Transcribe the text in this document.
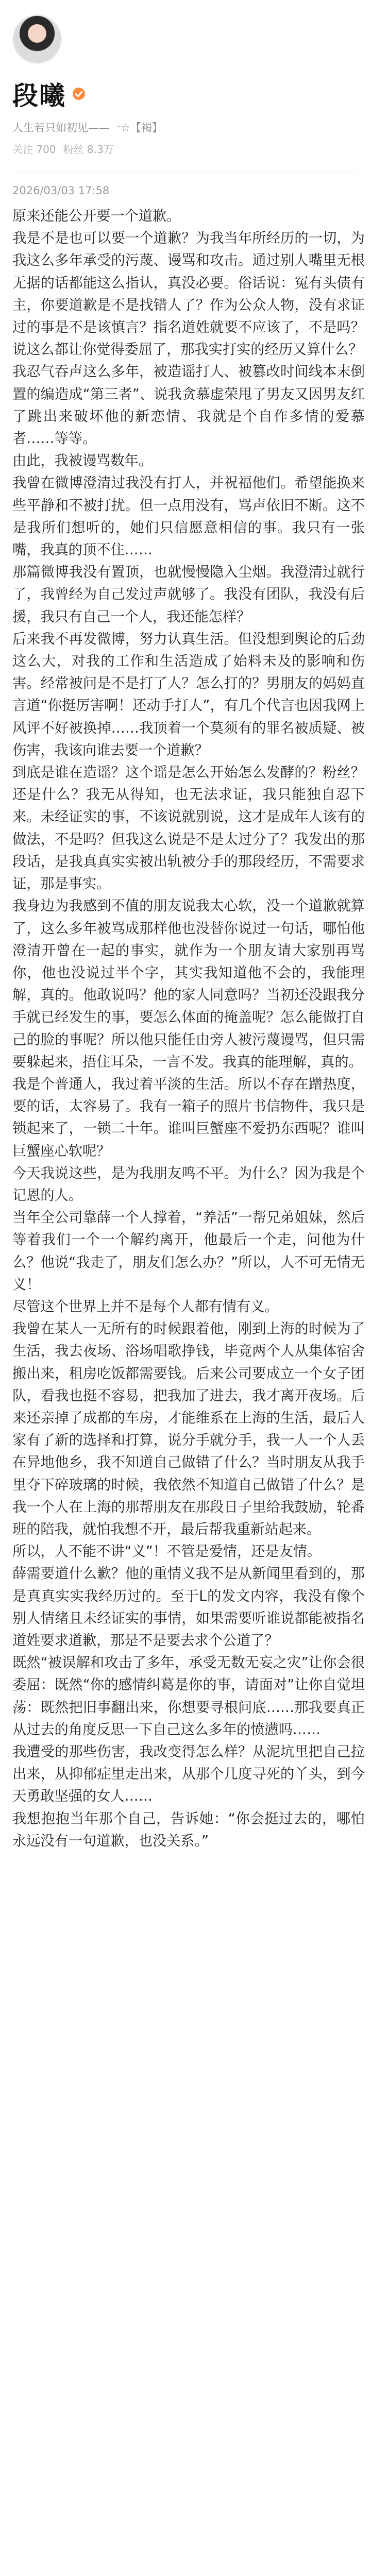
段曦
人生若只如初见——一☆【褐】
关注 700 粉丝 8.3万
2026/03/03 17:58

原来还能公开要一个道歉。

我是不是也可以要一个道歉？为我当年所经历的一切，为我这么多年承受的污蔑、谩骂和攻击。通过别人嘴里无根无据的话都能这么指认，真没必要。俗话说：冤有头债有主，你要道歉是不是找错人了？作为公众人物，没有求证过的事是不是该慎言？指名道姓就要不应该了，不是吗？说这么都让你觉得委屈了，那我实打实的经历又算什么？

我忍气吞声这么多年，被造谣打人、被篡改时间线本末倒置的编造成“第三者”、说我贪慕虚荣甩了男友又因男友红了跳出来破坏他的新恋情、我就是个自作多情的爱慕者……等等。

由此，我被谩骂数年。

我曾在微博澄清过我没有打人，并祝福他们。希望能换来些平静和不被打扰。但一点用没有，骂声依旧不断。这不是我所们想听的，她们只信愿意相信的事。我只有一张嘴，我真的顶不住……

那篇微博我没有置顶，也就慢慢隐入尘烟。我澄清过就行了，我曾经为自己发过声就够了。我没有团队，我没有后援，我只有自己一个人，我还能怎样？

后来我不再发微博，努力认真生活。但没想到舆论的后劲这么大，对我的工作和生活造成了始料未及的影响和伤害。经常被问是不是打了人？怎么打的？男朋友的妈妈直言道“你挺厉害啊！还动手打人”，有几个代言也因我网上风评不好被换掉……我顶着一个莫须有的罪名被质疑、被伤害，我该向谁去要一个道歉？

到底是谁在造谣？这个谣是怎么开始怎么发酵的？粉丝？还是什么？我无从得知，也无法求证，我只能独自忍下来。未经证实的事，不该说就别说，这才是成年人该有的做法，不是吗？但我这么说是不是太过分了？我发出的那段话，是我真真实实被出轨被分手的那段经历，不需要求证，那是事实。

我身边为我感到不值的朋友说我太心软，没一个道歉就算了，这么多年被骂成那样他也没替你说过一句话，哪怕他澄清开曾在一起的事实，就作为一个朋友请大家别再骂你，他也没说过半个字，其实我知道他不会的，我能理解，真的。他敢说吗？他的家人同意吗？当初还没跟我分手就已经发生的事，要怎么体面的掩盖呢？怎么能做打自己的脸的事呢？所以他只能任由旁人被污蔑谩骂，但只需要躲起来，捂住耳朵，一言不发。我真的能理解，真的。

我是个普通人，我过着平淡的生活。所以不存在蹭热度，要的话，太容易了。我有一箱子的照片书信物件，我只是锁起来了，一锁二十年。谁叫巨蟹座不爱扔东西呢？谁叫巨蟹座心软呢？

今天我说这些，是为我朋友鸣不平。为什么？因为我是个记恩的人。

当年全公司靠薛一个人撑着，“养活”一帮兄弟姐妹，然后等着我们一个一个解约离开，他最后一个走，问他为什么？他说“我走了，朋友们怎么办？”所以，人不可无情无义！

尽管这个世界上并不是每个人都有情有义。

我曾在某人一无所有的时候跟着他，刚到上海的时候为了生活，我去夜场、浴场唱歌挣钱，毕竟两个人从集体宿舍搬出来，租房吃饭都需要钱。后来公司要成立一个女子团队，看我也挺不容易，把我加了进去，我才离开夜场。后来还亲掉了成都的车房，才能维系在上海的生活，最后人家有了新的选择和打算，说分手就分手，我一人一个人丢在异地他乡，我不知道自己做错了什么？当时朋友从我手里夺下碎玻璃的时候，我依然不知道自己做错了什么？是我一个人在上海的那帮朋友在那段日子里给我鼓励，轮番班的陪我，就怕我想不开，最后帮我重新站起来。

所以，人不能不讲“义”！不管是爱情，还是友情。

薛需要道什么歉？他的重情义我不是从新闻里看到的，那是真真实实我经历过的。至于L的发文内容，我没有像个别人情绪且未经证实的事情，如果需要听谁说都能被指名道姓要求道歉，那是不是要去求个公道了？

既然“被误解和攻击了多年，承受无数无妄之灾”让你会很委屈：既然“你的感情纠葛是你的事，请面对”让你自觉坦荡：既然把旧事翻出来，你想要寻根问底……那我要真正从过去的角度反思一下自己这么多年的愤懑吗……

我遭受的那些伤害，我改变得怎么样？从泥坑里把自己拉出来，从抑郁症里走出来，从那个几度寻死的丫头，到今天勇敢坚强的女人……

我想抱抱当年那个自己，告诉她：“你会挺过去的，哪怕永远没有一句道歉，也没关系。”
